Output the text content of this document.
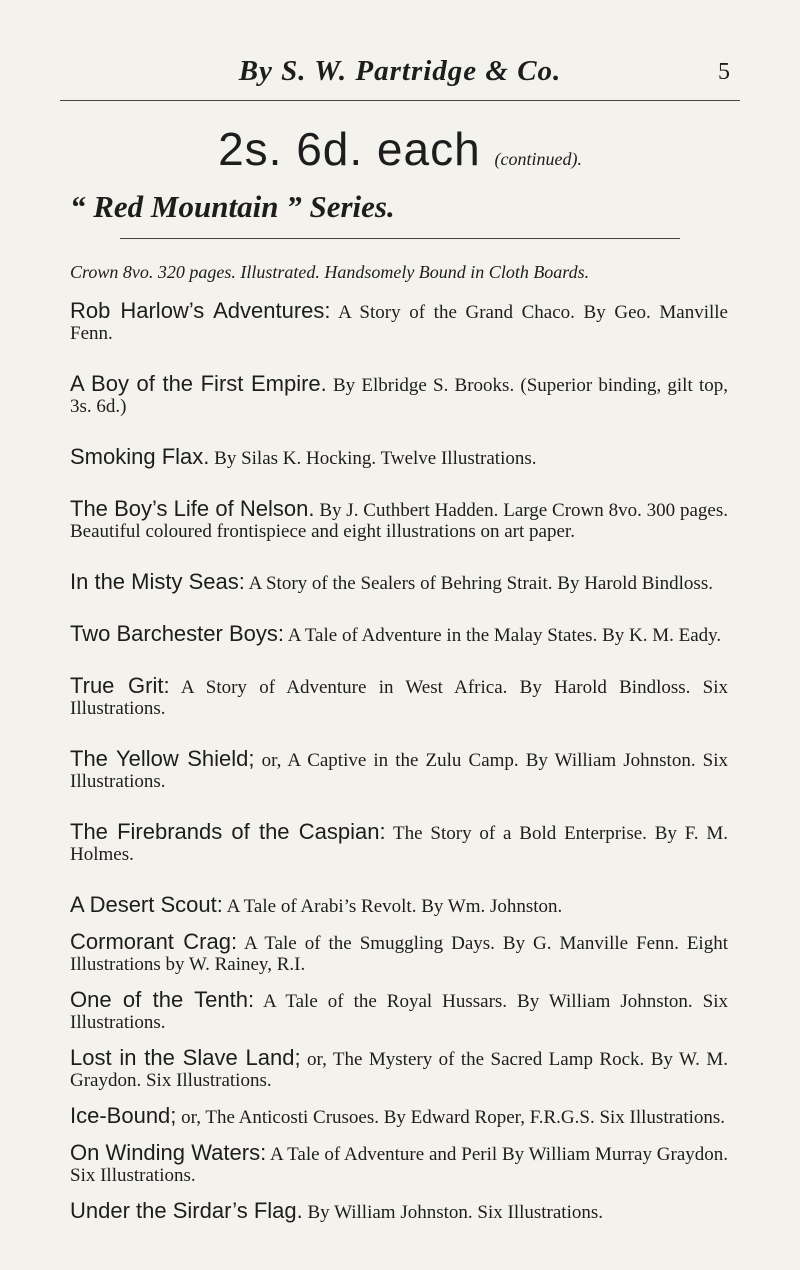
By S. W. Partridge & Co.	5
2s. 6d. each (continued).
“ Red Mountain ” Series.
Crown 8vo. 320 pages. Illustrated. Handsomely Bound in Cloth Boards.

Rob Harlow’s Adventures: A Story of the Grand Chaco. By Geo. Manville Fenn.

A Boy of the First Empire. By Elbridge S. Brooks. (Superior binding, gilt top, 3s. 6d.)

Smoking Flax. By Silas K. Hocking. Twelve Illustrations.

The Boy’s Life of Nelson. By J. Cuthbert Hadden. Large Crown 8vo. 300 pages. Beautiful coloured frontispiece and eight illustrations on art paper.

In the Misty Seas: A Story of the Sealers of Behring Strait. By Harold Bindloss.

Two Barchester Boys: A Tale of Adventure in the Malay States. By K. M. Eady.

True Grit: A Story of Adventure in West Africa. By Harold Bindloss. Six Illustrations.

The Yellow Shield; or, A Captive in the Zulu Camp. By William Johnston. Six Illustrations.

The Firebrands of the Caspian: The Story of a Bold Enterprise. By F. M. Holmes.

A Desert Scout: A Tale of Arabi’s Revolt. By Wm. Johnston.

Cormorant Crag: A Tale of the Smuggling Days. By G. Manville Fenn. Eight Illustrations by W. Rainey, R.I.

One of the Tenth: A Tale of the Royal Hussars. By William Johnston. Six Illustrations.

Lost in the Slave Land; or, The Mystery of the Sacred Lamp Rock. By W. M. Graydon. Six Illustrations.

Ice-Bound; or, The Anticosti Crusoes. By Edward Roper, F.R.G.S. Six Illustrations.

On Winding Waters: A Tale of Adventure and Peril By William Murray Graydon. Six Illustrations.

Under the Sirdar’s Flag. By William Johnston. Six Illustrations.
